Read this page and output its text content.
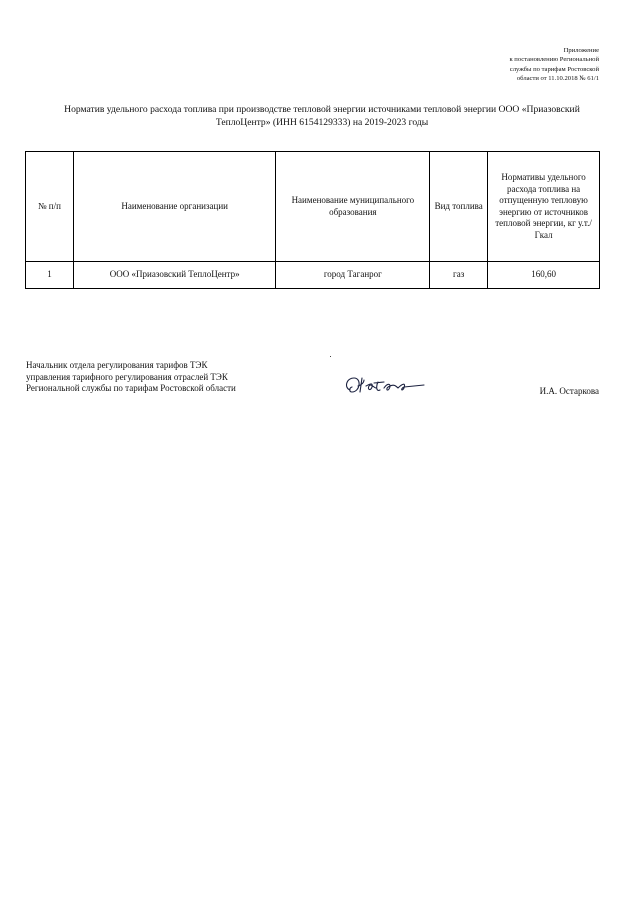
Приложение
к постановлению Региональной
службы по тарифам Ростовской
области от 11.10.2018 № 61/1
Норматив удельного расхода топлива при производстве тепловой энергии источниками тепловой энергии ООО «Приазовский
ТеплоЦентр» (ИНН 6154129333) на 2019-2023 годы
№ п/п	Наименование организации	Наименование муниципального образования	Вид топлива	Нормативы удельного расхода топлива на отпущенную тепловую энергию от источников тепловой энергии, кг у.т./Гкал
1	ООО «Приазовский ТеплоЦентр»	город Таганрог	газ	160,60
Начальник отдела регулирования тарифов ТЭК
управления тарифного регулирования отраслей ТЭК
Региональной службы по тарифам Ростовской области	И.А. Остаркова
